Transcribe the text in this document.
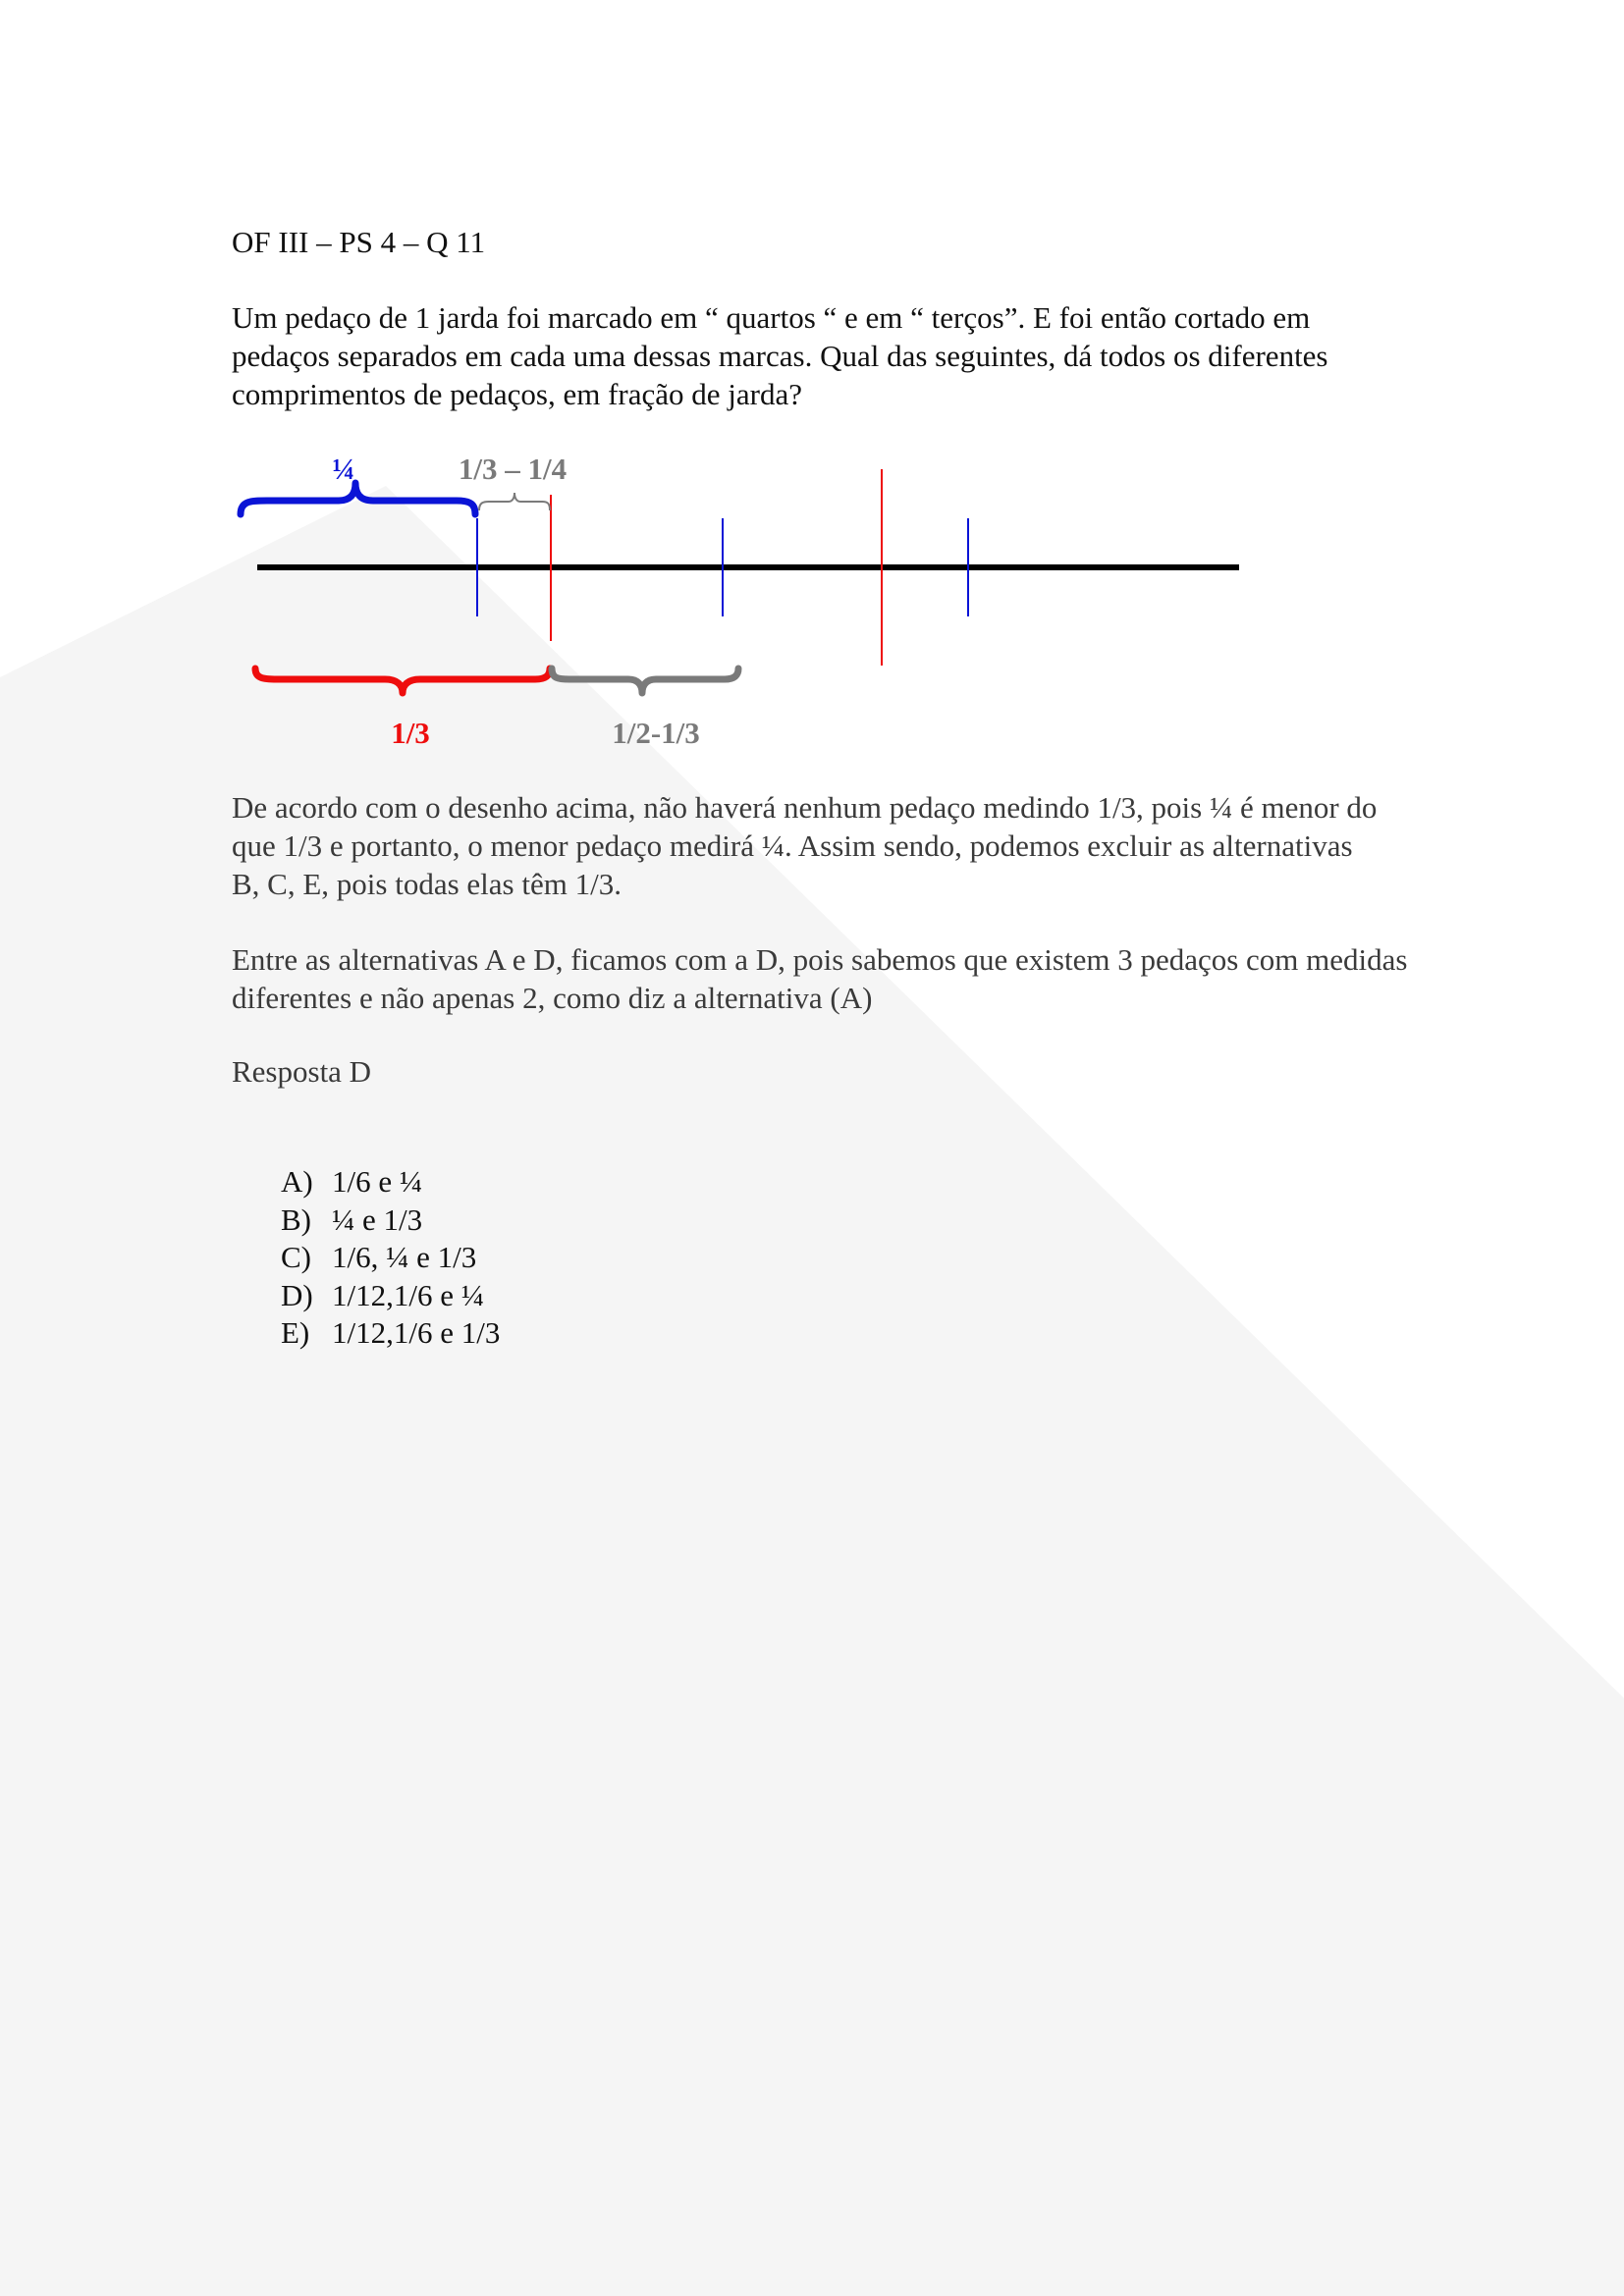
OF III – PS 4 – Q 11

Um pedaço de 1 jarda foi marcado em “ quartos “ e em “ terços”. E foi então cortado em

pedaços separados em cada uma dessas marcas. Qual das seguintes, dá todos os diferentes

comprimentos de pedaços, em fração de jarda?

De acordo com o desenho acima, não haverá nenhum pedaço medindo 1/3, pois ¼ é menor do

que 1/3 e portanto, o menor pedaço medirá ¼. Assim sendo, podemos excluir as alternativas

B, C, E, pois todas elas têm 1/3.

Entre as alternativas A e D, ficamos com a D, pois sabemos que existem 3 pedaços com medidas

diferentes e não apenas 2, como diz a alternativa (A)

Resposta D

A) 1/6 e ¼
B) ¼ e 1/3
C) 1/6, ¼ e 1/3
D) 1/12,1/6 e ¼
E) 1/12,1/6 e 1/3
¼	1/3 – 1/4
1/3	1/2-1/3
